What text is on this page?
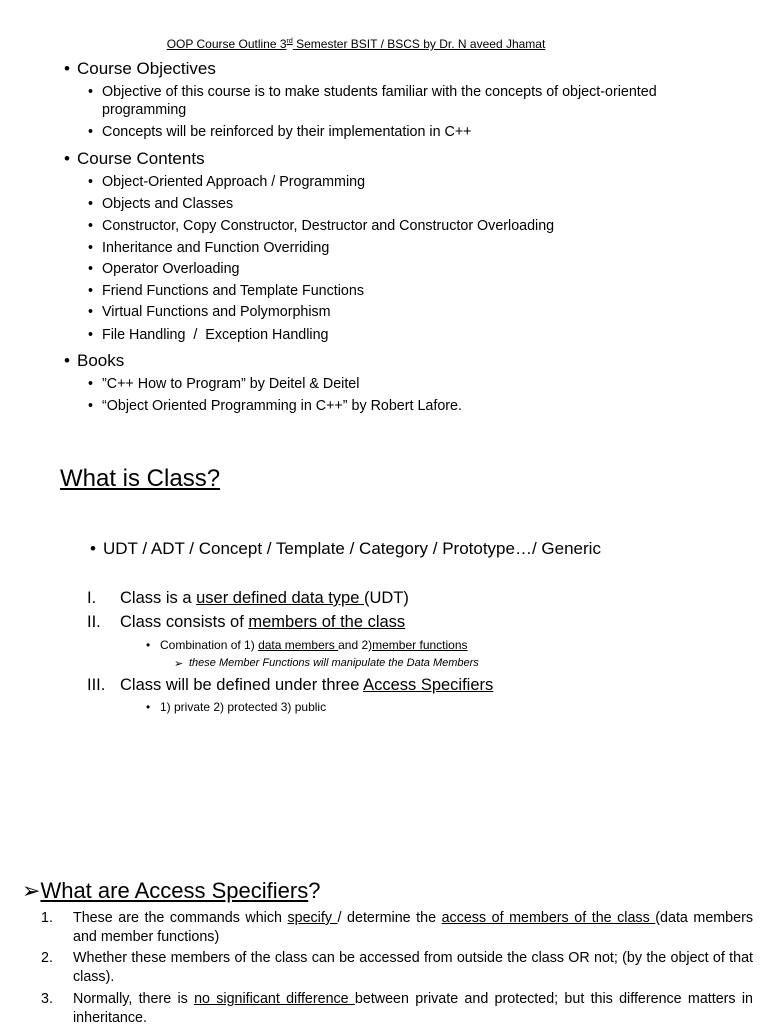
OOP Course Outline 3rd Semester BSIT / BSCS by Dr. N aveed Jhamat
• Course Objectives
• Objective of this course is to make students familiar with the concepts of object-oriented programming
• Concepts will be reinforced by their implementation in C++
• Course Contents
• Object-Oriented Approach / Programming
• Objects and Classes
• Constructor, Copy Constructor, Destructor and Constructor Overloading
• Inheritance and Function Overriding
• Operator Overloading
• Friend Functions and Template Functions
• Virtual Functions and Polymorphism
• File Handling  /  Exception Handling
• Books
• ”C++ How to Program” by Deitel & Deitel
• “Object Oriented Programming in C++” by Robert Lafore.
What is Class?
• UDT / ADT / Concept / Template / Category / Prototype…/ Generic
I. Class is a user defined data type (UDT)
II. Class consists of members of the class
• Combination of 1) data members and 2)member functions
➢ these Member Functions will manipulate the Data Members
III. Class will be defined under three Access Specifiers
• 1) private 2) protected 3) public
➢What are Access Specifiers?
1. These are the commands which specify / determine the access of members of the class (data members and member functions)
2. Whether these members of the class can be accessed from outside the class OR not; (by the object of that class).
3. Normally, there is no significant difference between private and protected; but this difference matters in inheritance.
